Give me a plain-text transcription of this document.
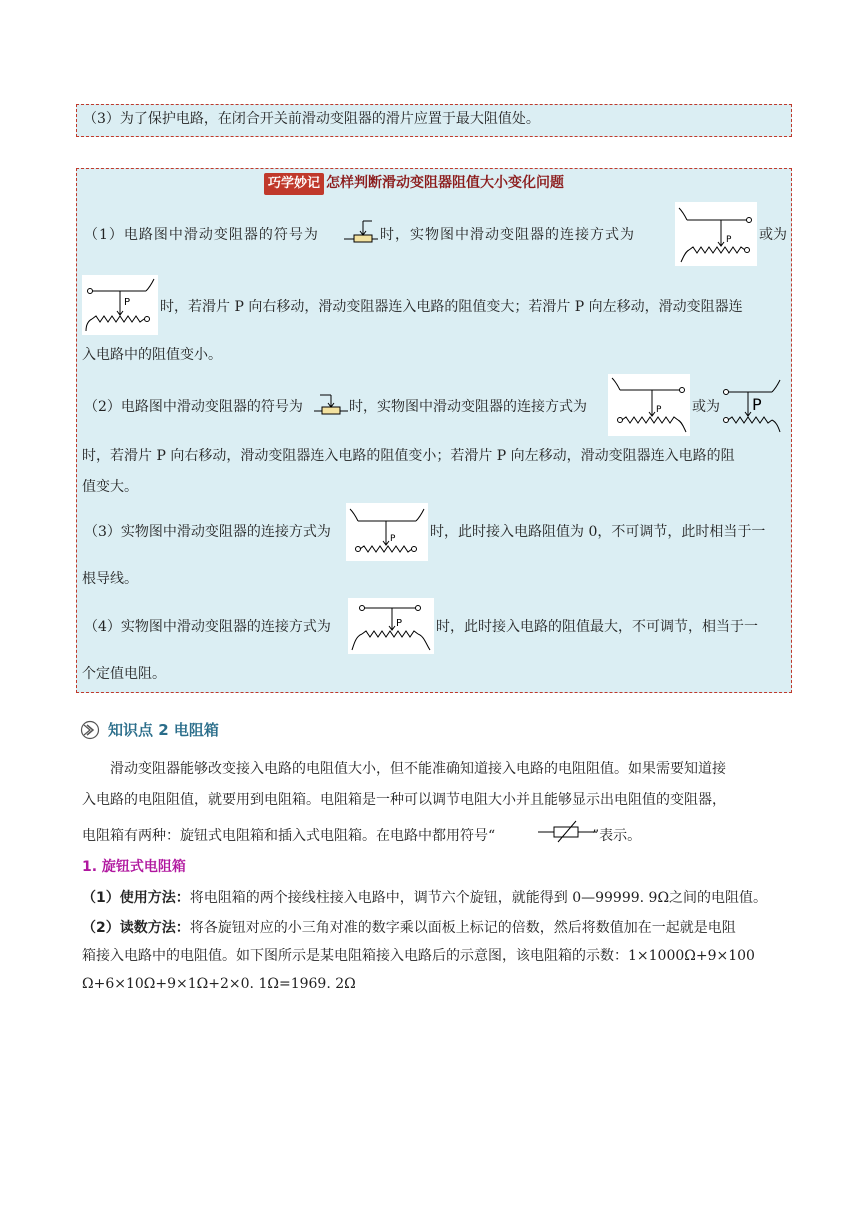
（3）为了保护电路，在闭合开关前滑动变阻器的滑片应置于最大阻值处。
巧学妙记 怎样判断滑动变阻器阻值大小变化问题
（1）电路图中滑动变阻器的符号为	时，实物图中滑动变阻器的连接方式为	P 或为
P 时，若滑片 P 向右移动，滑动变阻器连入电路的阻值变大；若滑片 P 向左移动，滑动变阻器连
入电路中的阻值变小。
（2）电路图中滑动变阻器的符号为	时，实物图中滑动变阻器的连接方式为	P 或为 P
时，若滑片 P 向右移动，滑动变阻器连入电路的阻值变小；若滑片 P 向左移动，滑动变阻器连入电路的阻
值变大。
（3）实物图中滑动变阻器的连接方式为	P 时，此时接入电路阻值为 0，不可调节，此时相当于一
根导线。
（4）实物图中滑动变阻器的连接方式为	P 时，此时接入电路的阻值最大，不可调节，相当于一
个定值电阻。
知识点 2 电阻箱
滑动变阻器能够改变接入电路的电阻值大小，但不能准确知道接入电路的电阻阻值。如果需要知道接
入电路的电阻阻值，就要用到电阻箱。电阻箱是一种可以调节电阻大小并且能够显示出电阻值的变阻器，
电阻箱有两种：旋钮式电阻箱和插入式电阻箱。在电路中都用符号“	”表示。
1. 旋钮式电阻箱
（1）使用方法：将电阻箱的两个接线柱接入电路中，调节六个旋钮，就能得到 0—99999. 9Ω之间的电阻值。
（2）读数方法：将各旋钮对应的小三角对准的数字乘以面板上标记的倍数，然后将数值加在一起就是电阻
箱接入电路中的电阻值。如下图所示是某电阻箱接入电路后的示意图，该电阻箱的示数：1×1000Ω+9×100
Ω+6×10Ω+9×1Ω+2×0. 1Ω=1969. 2Ω
